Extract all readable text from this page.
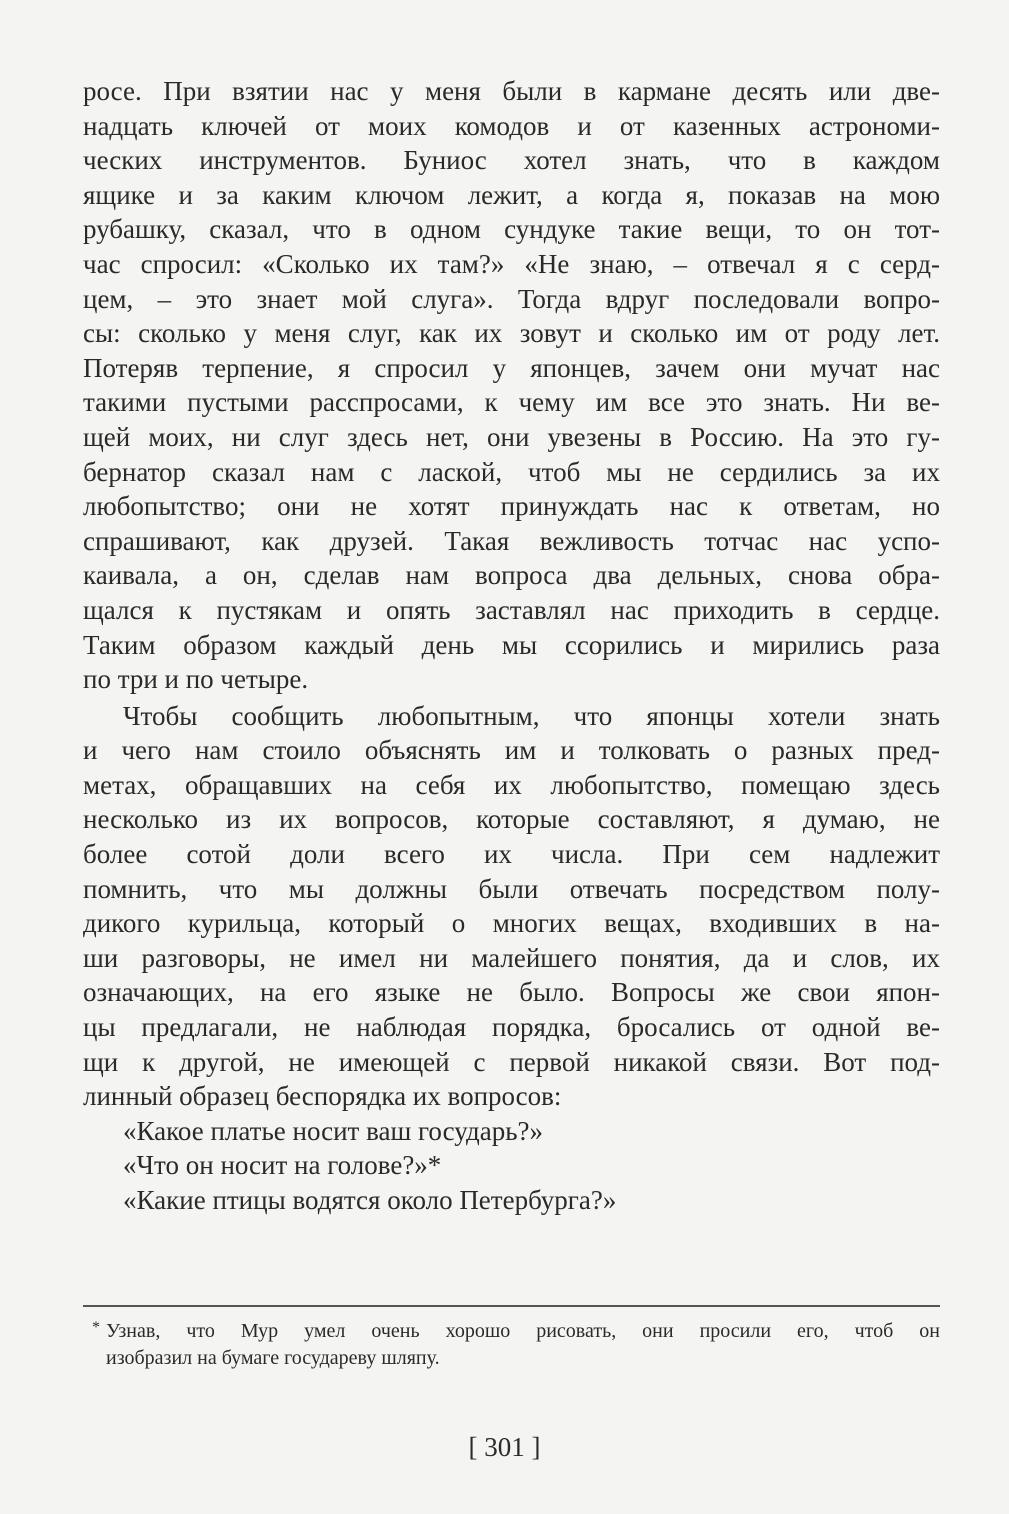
росе. При взятии нас у меня были в кармане десять или две-
надцать ключей от моих комодов и от казенных астрономи-
ческих инструментов. Буниос хотел знать, что в каждом
ящике и за каким ключом лежит, а когда я, показав на мою
рубашку, сказал, что в одном сундуке такие вещи, то он тот-
час спросил: «Сколько их там?» «Не знаю, – отвечал я с серд-
цем, – это знает мой слуга». Тогда вдруг последовали вопро-
сы: сколько у меня слуг, как их зовут и сколько им от роду лет.
Потеряв терпение, я спросил у японцев, зачем они мучат нас
такими пустыми расспросами, к чему им все это знать. Ни ве-
щей моих, ни слуг здесь нет, они увезены в Россию. На это гу-
бернатор сказал нам с лаской, чтоб мы не сердились за их
любопытство; они не хотят принуждать нас к ответам, но
спрашивают, как друзей. Такая вежливость тотчас нас успо-
каивала, а он, сделав нам вопроса два дельных, снова обра-
щался к пустякам и опять заставлял нас приходить в сердце.
Таким образом каждый день мы ссорились и мирились раза
по три и по четыре.
Чтобы сообщить любопытным, что японцы хотели знать
и чего нам стоило объяснять им и толковать о разных пред-
метах, обращавших на себя их любопытство, помещаю здесь
несколько из их вопросов, которые составляют, я думаю, не
более сотой доли всего их числа. При сем надлежит
помнить, что мы должны были отвечать посредством полу-
дикого курильца, который о многих вещах, входивших в на-
ши разговоры, не имел ни малейшего понятия, да и слов, их
означающих, на его языке не было. Вопросы же свои япон-
цы предлагали, не наблюдая порядка, бросались от одной ве-
щи к другой, не имеющей с первой никакой связи. Вот под-
линный образец беспорядка их вопросов:
«Какое платье носит ваш государь?»
«Что он носит на голове?»*
«Какие птицы водятся около Петербурга?»
* Узнав, что Мур умел очень хорошо рисовать, они просили его, чтоб он
изобразил на бумаге государеву шляпу.
[ 301 ]
